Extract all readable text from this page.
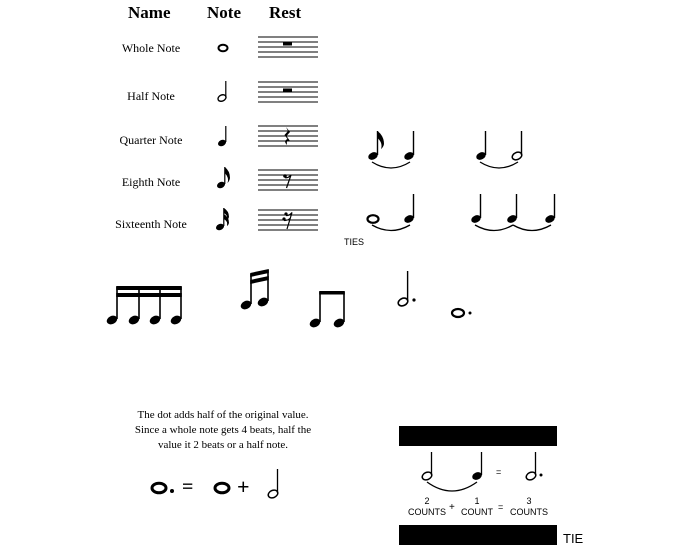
Name Note Rest
Whole Note
Half Note
Quarter Note
Eighth Note
Sixteenth Note
TIES
The dot adds half of the original value.
Since a whole note gets 4 beats, half the
value it 2 beats or a half note.
= +
=
2
COUNTS +
1
COUNT =
3
COUNTS
TIE
